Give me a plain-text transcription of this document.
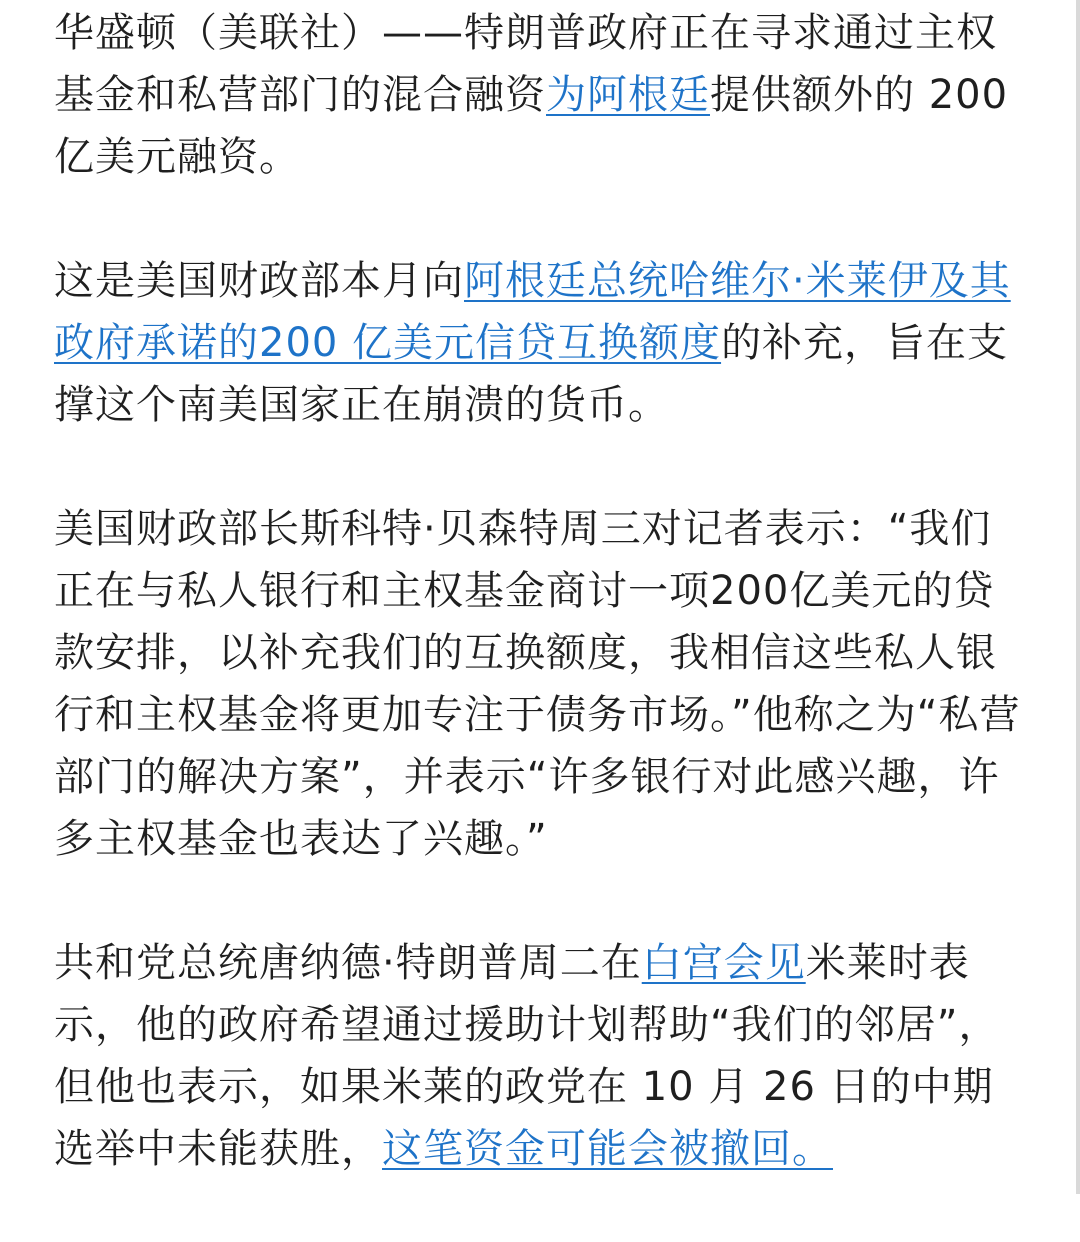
华盛顿（美联社）——特朗普政府正在寻求通过主权基金和私营部门的混合融资为阿根廷提供额外的 200 亿美元融资。

这是美国财政部本月向阿根廷总统哈维尔·米莱伊及其政府承诺的200 亿美元信贷互换额度的补充，旨在支撑这个南美国家正在崩溃的货币。

美国财政部长斯科特·贝森特周三对记者表示：“我们正在与私人银行和主权基金商讨一项200亿美元的贷款安排，以补充我们的互换额度，我相信这些私人银行和主权基金将更加专注于债务市场。”他称之为“私营部门的解决方案”，并表示“许多银行对此感兴趣，许多主权基金也表达了兴趣。”

共和党总统唐纳德·特朗普周二在白宫会见米莱时表示，他的政府希望通过援助计划帮助“我们的邻居”，但他也表示，如果米莱的政党在 10 月 26 日的中期选举中未能获胜，这笔资金可能会被撤回。
